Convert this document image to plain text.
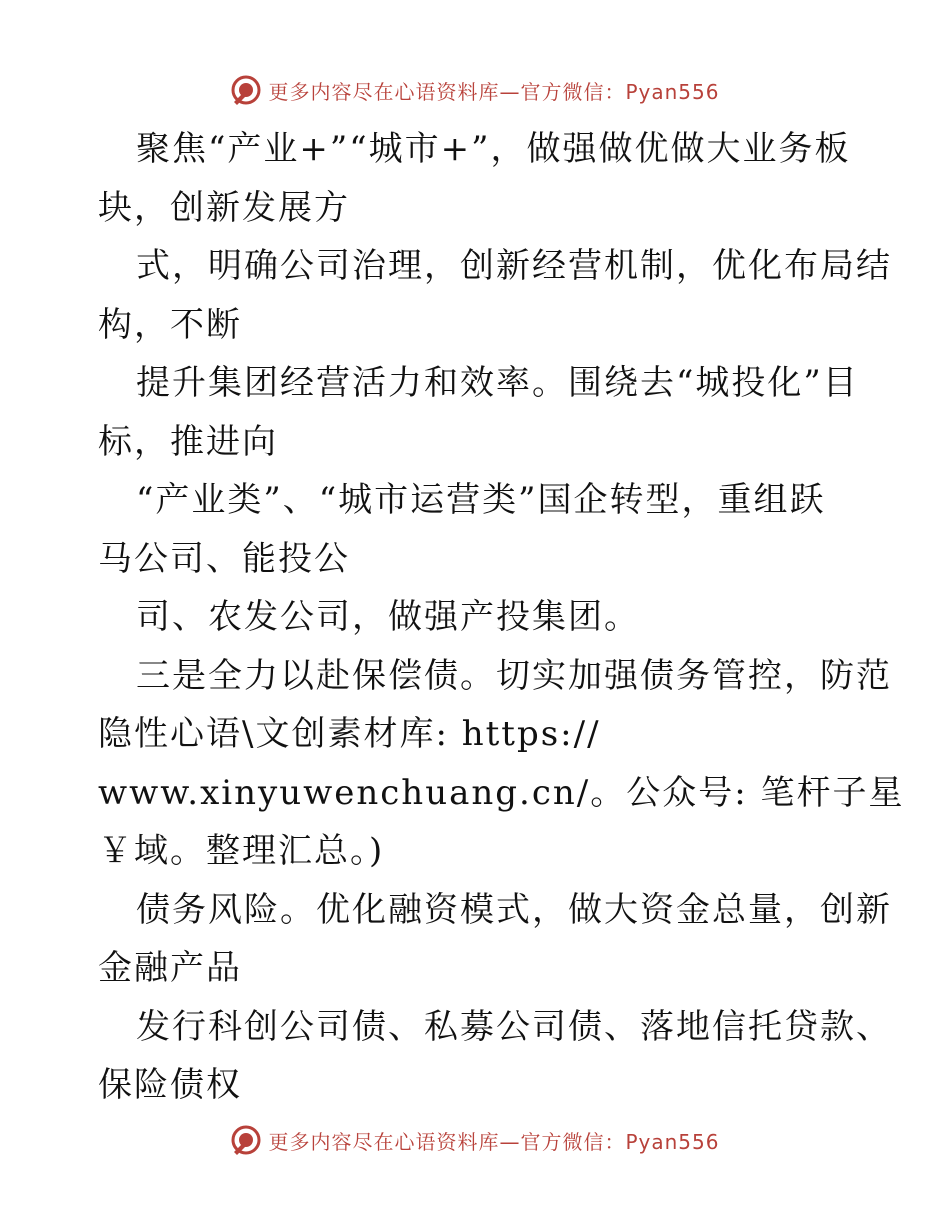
更多内容尽在心语资料库—官方微信：Pyan556
聚焦“产业+”“城市+”，做强做优做大业务板
块，创新发展方
式，明确公司治理，创新经营机制，优化布局结
构，不断
提升集团经营活力和效率。围绕去“城投化”目
标，推进向
“产业类”、“城市运营类”国企转型，重组跃
马公司、能投公
司、农发公司，做强产投集团。
三是全力以赴保偿债。切实加强债务管控，防范
隐性心语\文创素材库: https://
www.xinyuwenchuang.cn/。公众号: 笔杆子星
￥域。整理汇总。)
债务风险。优化融资模式，做大资金总量，创新
金融产品
发行科创公司债、私募公司债、落地信托贷款、
保险债权
更多内容尽在心语资料库—官方微信：Pyan556
